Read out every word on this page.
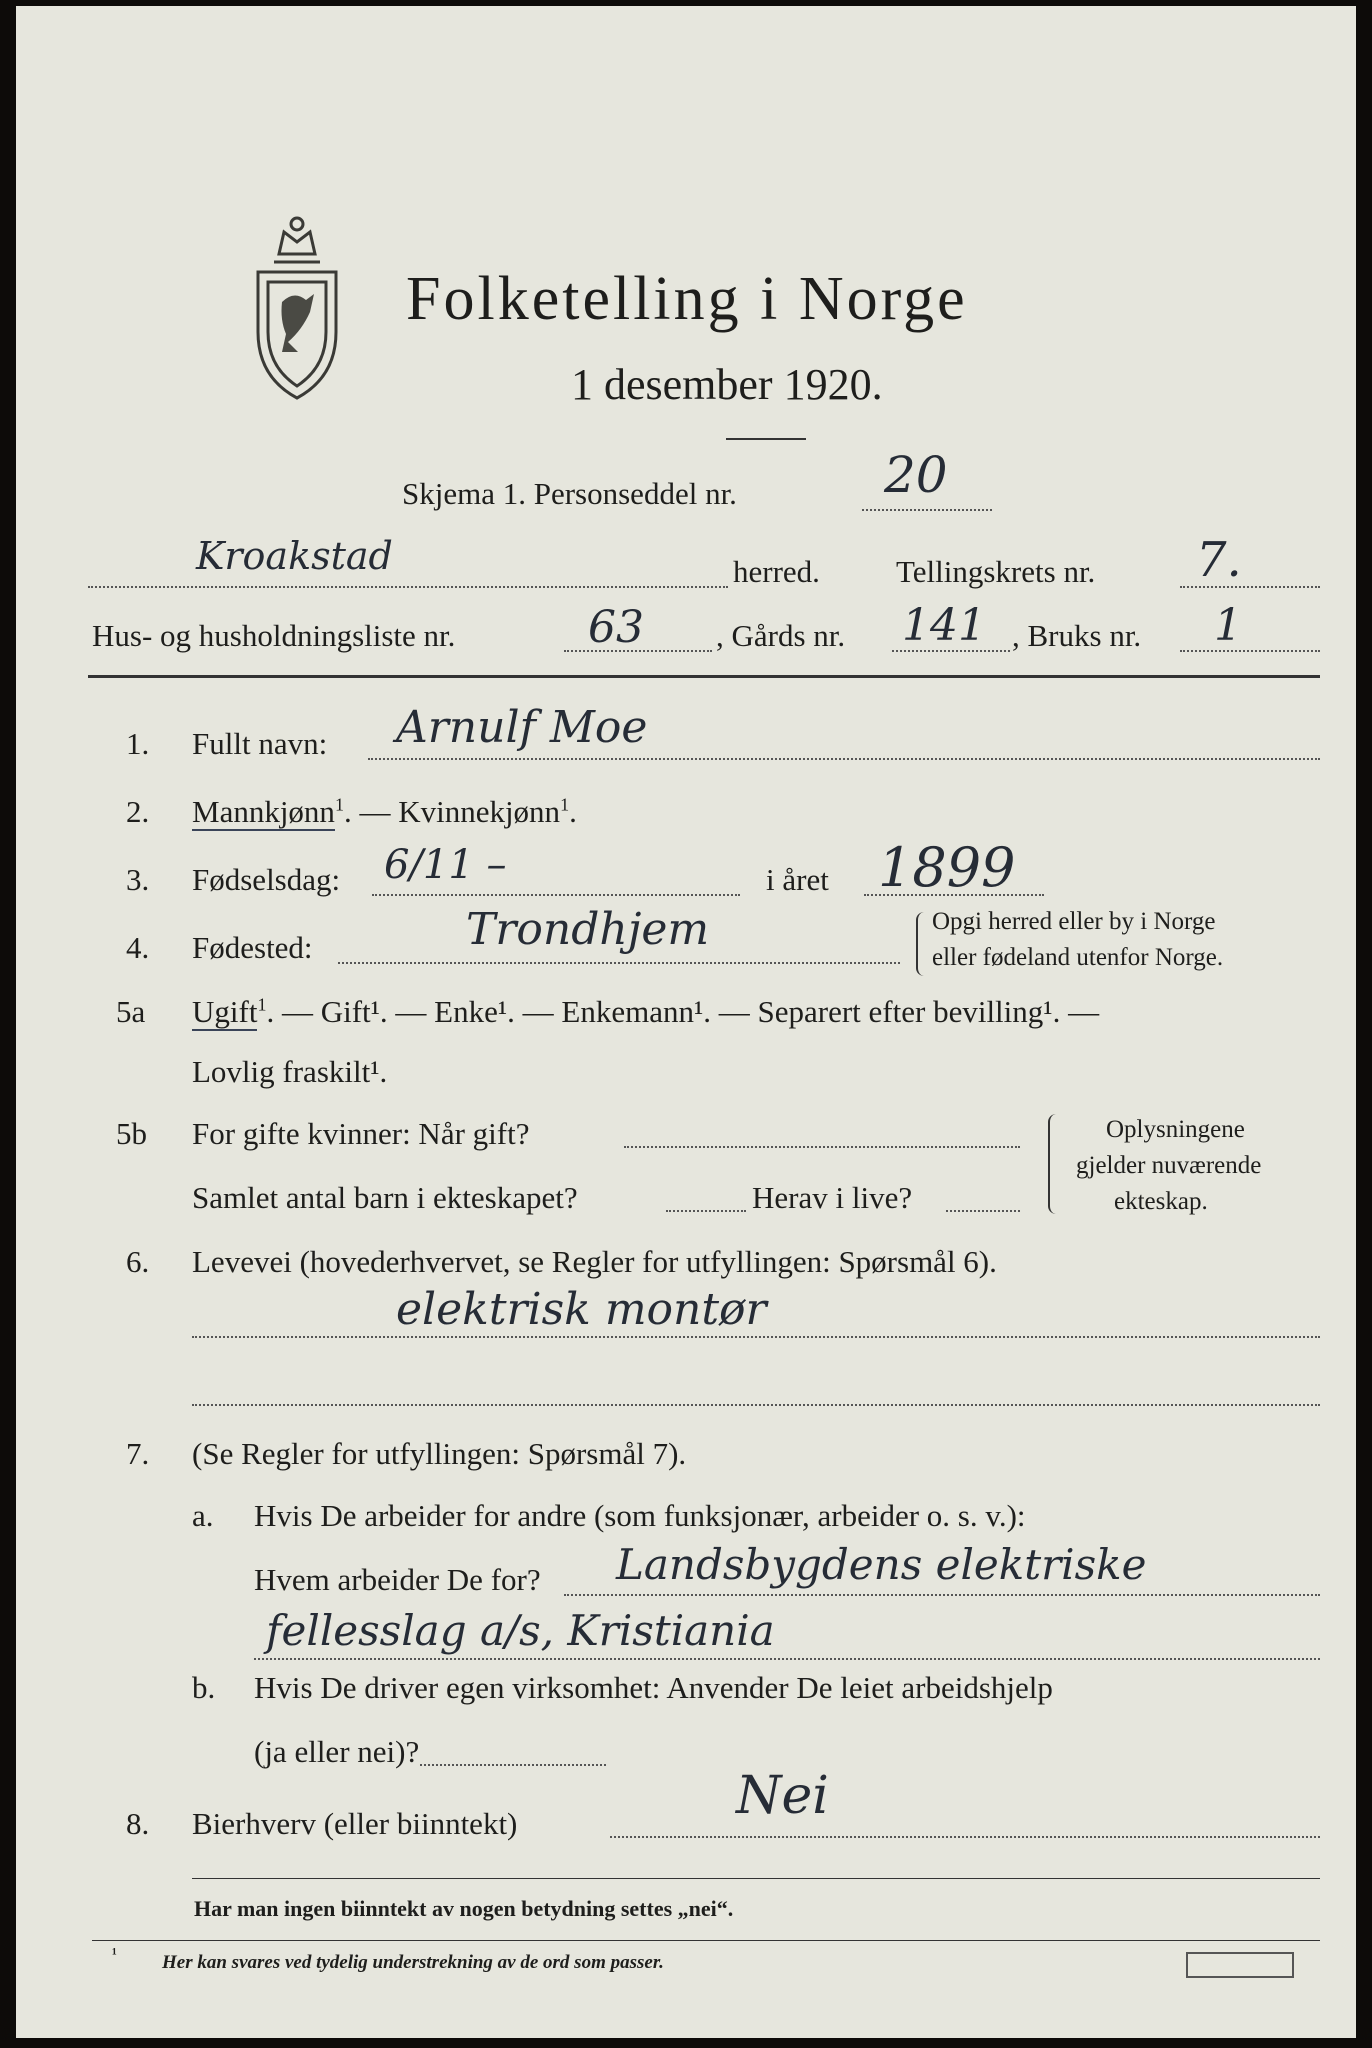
Folketelling i Norge
1 desember 1920.
Skjema 1. Personseddel nr.	20
Kroakstad	herred. Tellingskrets nr. 7.
Hus- og husholdningsliste nr.	63 , Gårds nr. 141 , Bruks nr. 1
1. Fullt navn: Arnulf Moe
2. Mannkjønn$^1$. — Kvinnekjønn$^1$.
3. Fødselsdag: 6/11 –	i året 1899
4. Fødested:	Trondhjem	Opgi herred eller by i Norge
eller fødeland utenfor Norge.
5a Ugift$^1$. — Gift¹. — Enke¹. — Enkemann¹. — Separert efter bevilling¹. —
Lovlig fraskilt¹.
5b For gifte kvinner: Når gift?
Samlet antal barn i ekteskapet?	Herav i live?
Oplysningene
gjelder nuværende
ekteskap.
6. Levevei (hovederhvervet, se Regler for utfyllingen: Spørsmål 6).
elektrisk montør
7. (Se Regler for utfyllingen: Spørsmål 7).
a. Hvis De arbeider for andre (som funksjonær, arbeider o. s. v.):
Hvem arbeider De for? Landsbygdens elektriske
fellesslag a/s, Kristiania
b. Hvis De driver egen virksomhet: Anvender De leiet arbeidshjelp
(ja eller nei)?
8. Bierhverv (eller biinntekt)	Nei
Har man ingen biinntekt av nogen betydning settes „nei“.
¹ Her kan svares ved tydelig understrekning av de ord som passer.
